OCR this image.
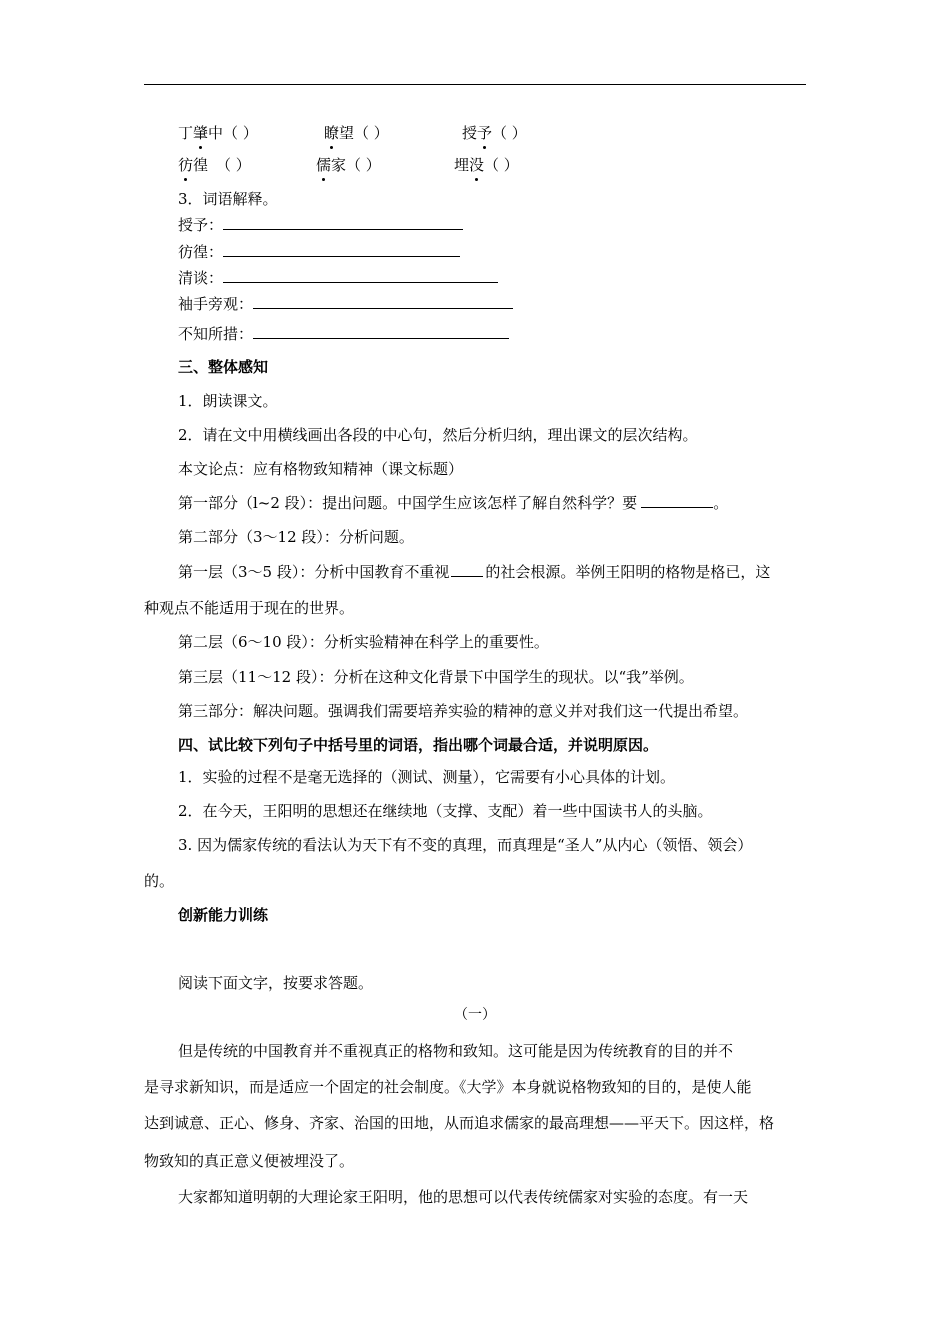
丁肇中（ ）	瞭望（ ）	授予（ ）
彷徨 （ ）	儒家（ ）	埋没（ ）
3．词语解释。
授予：
彷徨：
清谈：
袖手旁观：
不知所措：
三、整体感知
1．朗读课文。
2．请在文中用横线画出各段的中心句，然后分析归纳，理出课文的层次结构。
本文论点：应有格物致知精神（课文标题）
第一部分（l~2 段）：提出问题。中国学生应该怎样了解自然科学？要	。
第二部分（3～12 段）：分析问题。
第一层（3～5 段）：分析中国教育不重视 的社会根源。举例王阳明的格物是格已，这
种观点不能适用于现在的世界。
第二层（6～10 段）：分析实验精神在科学上的重要性。
第三层（11～12 段）：分析在这种文化背景下中国学生的现状。以“我”举例。
第三部分：解决问题。强调我们需要培养实验的精神的意义并对我们这一代提出希望。
四、试比较下列句子中括号里的词语，指出哪个词最合适，并说明原因。
1．实验的过程不是毫无选择的（测试、测量），它需要有小心具体的计划。
2．在今天，王阳明的思想还在继续地（支撑、支配）着一些中国读书人的头脑。
3. 因为儒家传统的看法认为天下有不变的真理，而真理是“圣人”从内心（领悟、领会）
的。
创新能力训练
阅读下面文字，按要求答题。
（一）
但是传统的中国教育并不重视真正的格物和致知。这可能是因为传统教育的目的并不
是寻求新知识，而是适应一个固定的社会制度。《大学》本身就说格物致知的目的，是使人能
达到诚意、正心、修身、齐家、治国的田地，从而追求儒家的最高理想——平天下。因这样，格
物致知的真正意义便被埋没了。
大家都知道明朝的大理论家王阳明，他的思想可以代表传统儒家对实验的态度。有一天
